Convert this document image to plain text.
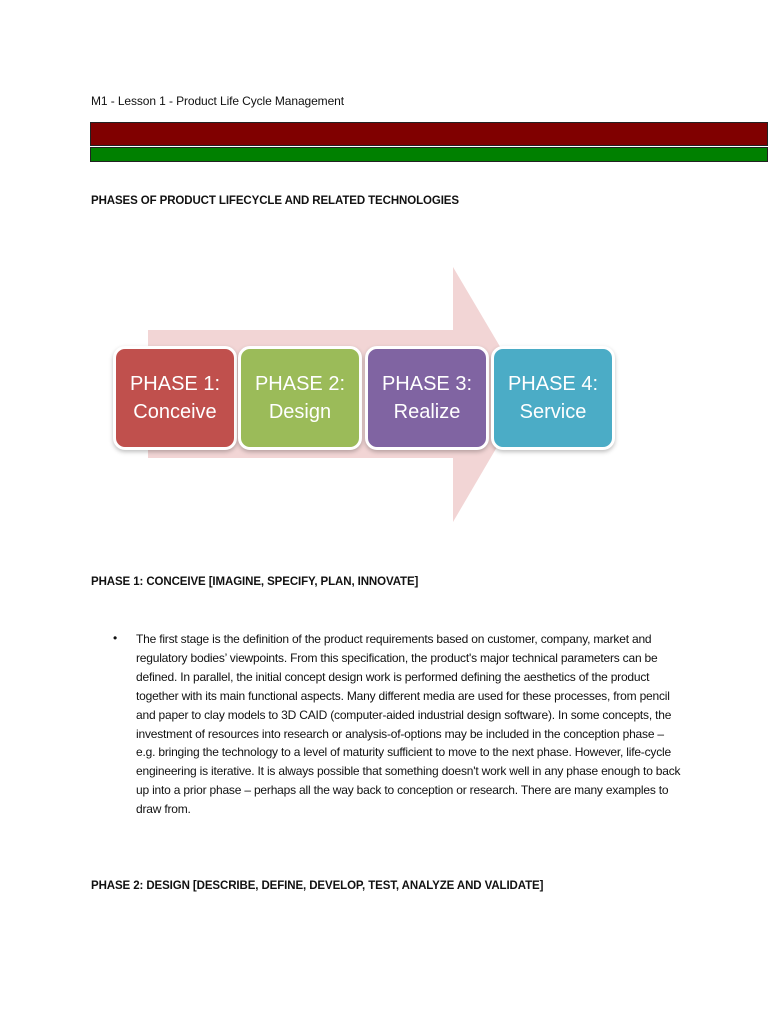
M1 - Lesson 1 - Product Life Cycle Management
PHASES OF PRODUCT LIFECYCLE AND RELATED TECHNOLOGIES
PHASE 1:
Conceive
PHASE 2:
Design
PHASE 3:
Realize
PHASE 4:
Service
PHASE 1: CONCEIVE [IMAGINE, SPECIFY, PLAN, INNOVATE]
• The first stage is the definition of the product requirements based on customer, company, market and regulatory bodies’ viewpoints. From this specification, the product's major technical parameters can be defined. In parallel, the initial concept design work is performed defining the aesthetics of the product together with its main functional aspects. Many different media are used for these processes, from pencil and paper to clay models to 3D CAID (computer-aided industrial design software). In some concepts, the investment of resources into research or analysis-of-options may be included in the conception phase – e.g. bringing the technology to a level of maturity sufficient to move to the next phase. However, life-cycle engineering is iterative. It is always possible that something doesn't work well in any phase enough to back up into a prior phase – perhaps all the way back to conception or research. There are many examples to draw from.

PHASE 2: DESIGN [DESCRIBE, DEFINE, DEVELOP, TEST, ANALYZE AND VALIDATE]
